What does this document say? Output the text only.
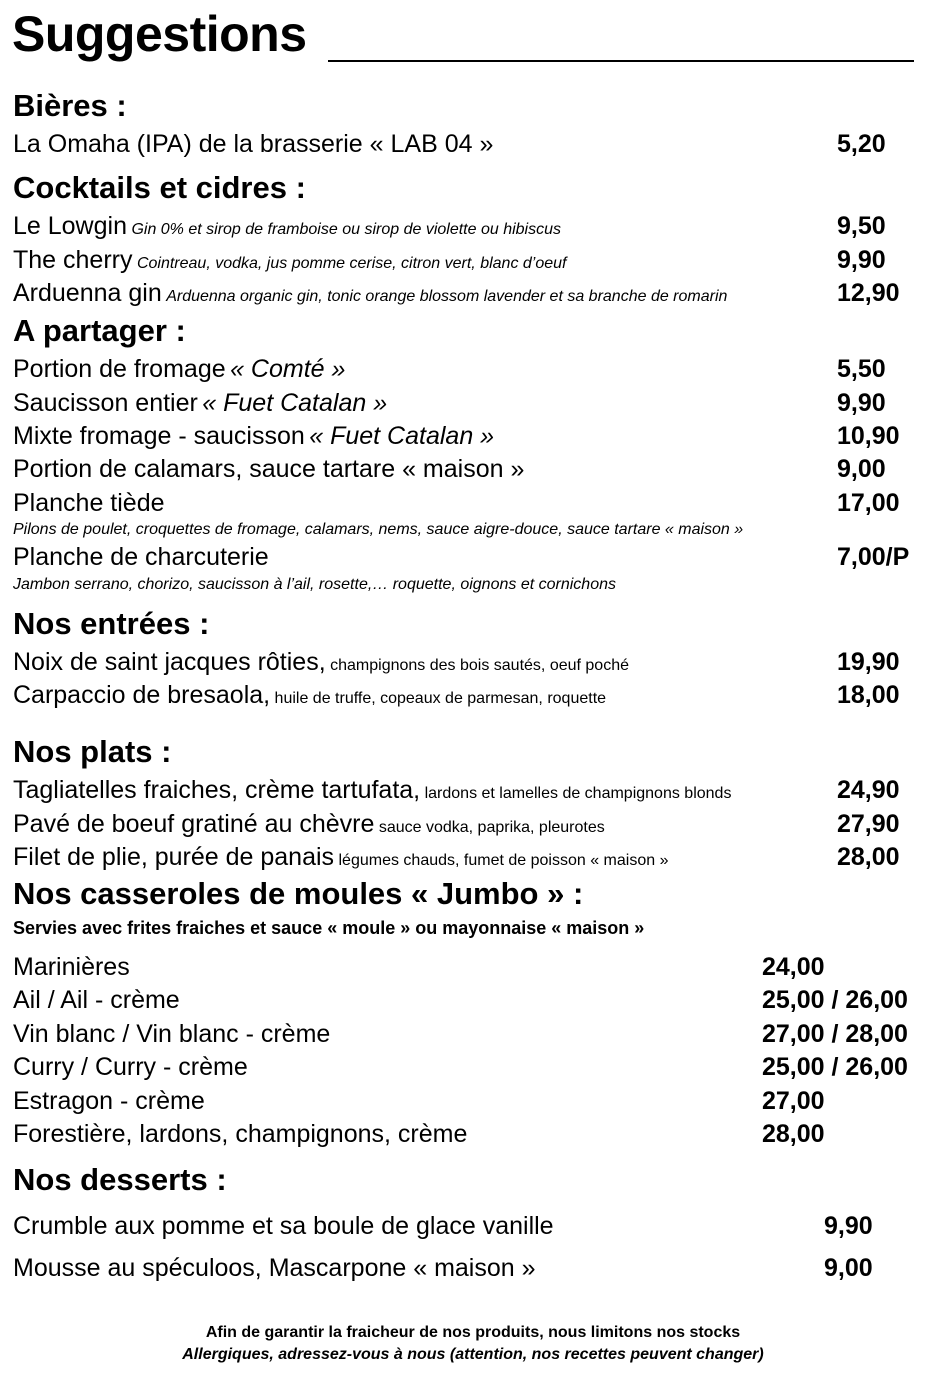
Suggestions
Bières :
La Omaha (IPA) de la brasserie « LAB 04 »	5,20
Cocktails et cidres :
Le Lowgin Gin 0% et sirop de framboise ou sirop de violette ou hibiscus	9,50
The cherry Cointreau, vodka, jus pomme cerise, citron vert, blanc d’oeuf	9,90
Arduenna gin Arduenna organic gin, tonic orange blossom lavender et sa branche de romarin	12,90
A partager :
Portion de fromage « Comté »	5,50
Saucisson entier « Fuet Catalan »	9,90
Mixte fromage - saucisson « Fuet Catalan »	10,90
Portion de calamars, sauce tartare « maison »	9,00
Planche tiède	17,00
Pilons de poulet, croquettes de fromage, calamars, nems, sauce aigre-douce, sauce tartare « maison »
Planche de charcuterie	7,00/P
Jambon serrano, chorizo, saucisson à l’ail, rosette,… roquette, oignons et cornichons
Nos entrées :
Noix de saint jacques rôties, champignons des bois sautés, oeuf poché	19,90
Carpaccio de bresaola, huile de truffe, copeaux de parmesan, roquette	18,00
Nos plats :
Tagliatelles fraiches, crème tartufata, lardons et lamelles de champignons blonds	24,90
Pavé de boeuf gratiné au chèvre sauce vodka, paprika, pleurotes	27,90
Filet de plie, purée de panais légumes chauds, fumet de poisson « maison »	28,00
Nos casseroles de moules « Jumbo » :
Servies avec frites fraiches et sauce « moule » ou mayonnaise « maison »
Marinières	24,00
Ail / Ail - crème	25,00 / 26,00
Vin blanc / Vin blanc - crème	27,00 / 28,00
Curry / Curry - crème	25,00 / 26,00
Estragon - crème	27,00
Forestière, lardons, champignons, crème	28,00
Nos desserts :
Crumble aux pomme et sa boule de glace vanille	9,90
Mousse au spéculoos, Mascarpone « maison »	9,00
Afin de garantir la fraicheur de nos produits, nous limitons nos stocks
Allergiques, adressez-vous à nous (attention, nos recettes peuvent changer)
